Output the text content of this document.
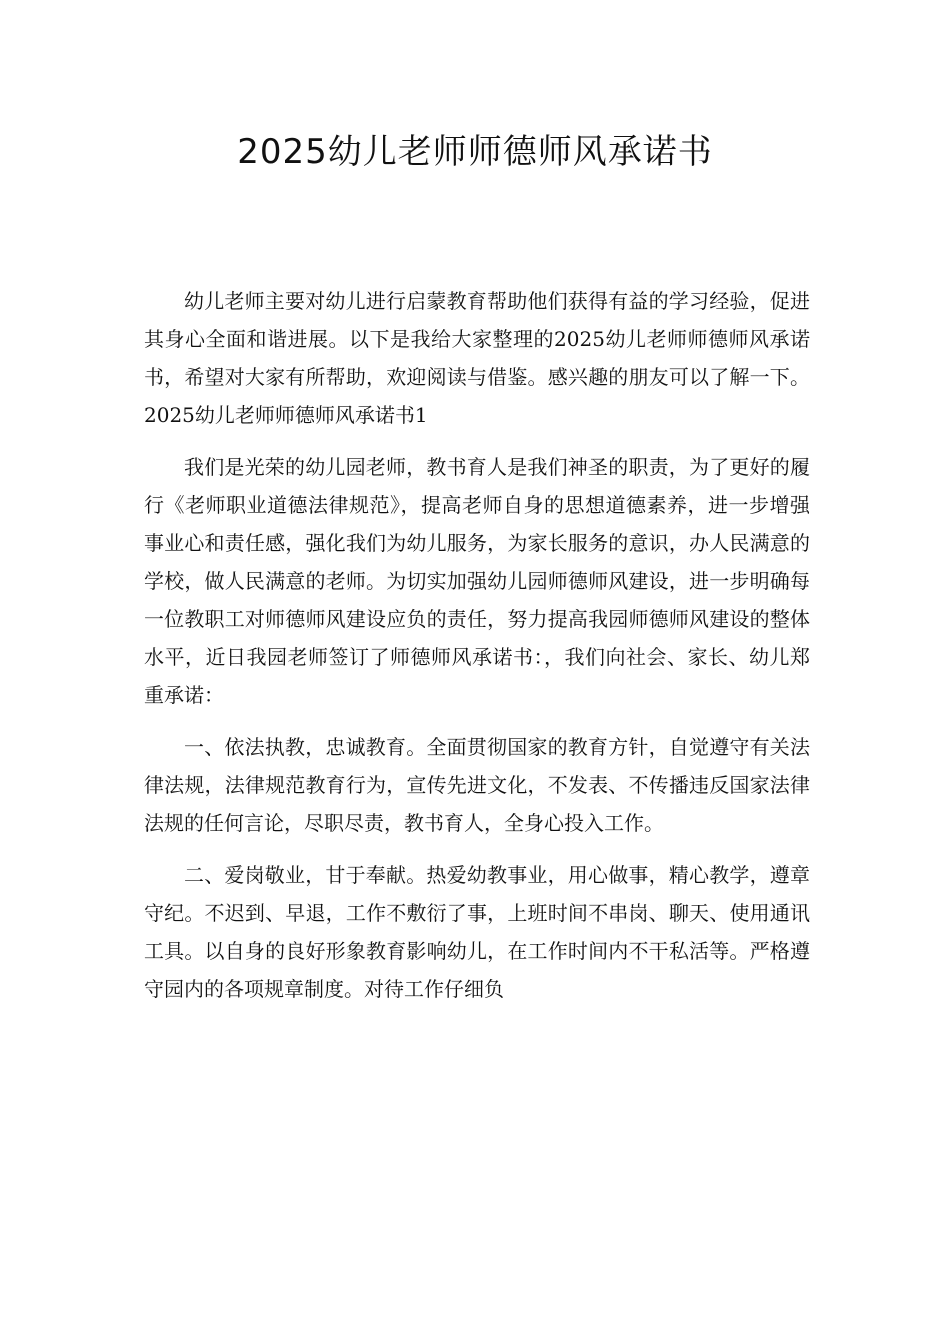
2025幼儿老师师德师风承诺书

幼儿老师主要对幼儿进行启蒙教育帮助他们获得有益的学习经验，促进其身心全面和谐进展。以下是我给大家整理的2025幼儿老师师德师风承诺书，希望对大家有所帮助，欢迎阅读与借鉴。感兴趣的朋友可以了解一下。2025幼儿老师师德师风承诺书1

我们是光荣的幼儿园老师，教书育人是我们神圣的职责，为了更好的履行《老师职业道德法律规范》，提高老师自身的思想道德素养，进一步增强事业心和责任感，强化我们为幼儿服务，为家长服务的意识，办人民满意的学校，做人民满意的老师。为切实加强幼儿园师德师风建设，进一步明确每一位教职工对师德师风建设应负的责任，努力提高我园师德师风建设的整体水平，近日我园老师签订了师德师风承诺书：，我们向社会、家长、幼儿郑重承诺：

一、依法执教，忠诚教育。全面贯彻国家的教育方针，自觉遵守有关法律法规，法律规范教育行为，宣传先进文化，不发表、不传播违反国家法律法规的任何言论，尽职尽责，教书育人，全身心投入工作。

二、爱岗敬业，甘于奉献。热爱幼教事业，用心做事，精心教学，遵章守纪。不迟到、早退，工作不敷衍了事，上班时间不串岗、聊天、使用通讯工具。以自身的良好形象教育影响幼儿，在工作时间内不干私活等。严格遵守园内的各项规章制度。对待工作仔细负
